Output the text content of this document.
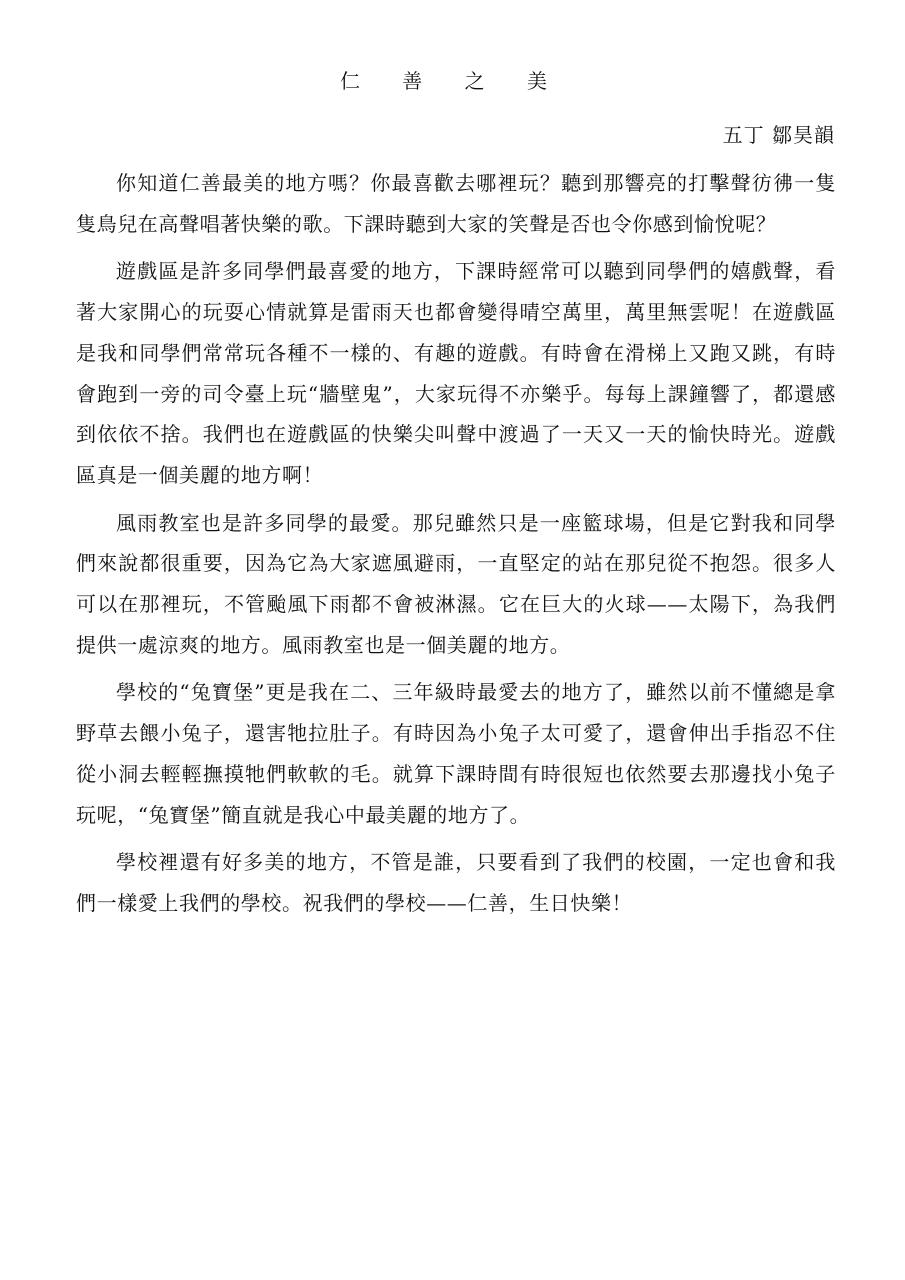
仁 善 之 美
五丁 鄒昊韻

你知道仁善最美的地方嗎？你最喜歡去哪裡玩？聽到那響亮的打擊聲彷彿一隻隻鳥兒在高聲唱著快樂的歌。下課時聽到大家的笑聲是否也令你感到愉悅呢？

遊戲區是許多同學們最喜愛的地方，下課時經常可以聽到同學們的嬉戲聲，看著大家開心的玩耍心情就算是雷雨天也都會變得晴空萬里，萬里無雲呢！在遊戲區是我和同學們常常玩各種不一樣的、有趣的遊戲。有時會在滑梯上又跑又跳，有時會跑到一旁的司令臺上玩“牆壁鬼”，大家玩得不亦樂乎。每每上課鐘響了，都還感到依依不捨。我們也在遊戲區的快樂尖叫聲中渡過了一天又一天的愉快時光。遊戲區真是一個美麗的地方啊！

風雨教室也是許多同學的最愛。那兒雖然只是一座籃球場，但是它對我和同學們來說都很重要，因為它為大家遮風避雨，一直堅定的站在那兒從不抱怨。很多人可以在那裡玩，不管颱風下雨都不會被淋濕。它在巨大的火球——太陽下，為我們提供一處涼爽的地方。風雨教室也是一個美麗的地方。

學校的“兔寶堡”更是我在二、三年級時最愛去的地方了，雖然以前不懂總是拿野草去餵小兔子，還害牠拉肚子。有時因為小兔子太可愛了，還會伸出手指忍不住從小洞去輕輕撫摸牠們軟軟的毛。就算下課時間有時很短也依然要去那邊找小兔子玩呢，“兔寶堡”簡直就是我心中最美麗的地方了。

學校裡還有好多美的地方，不管是誰，只要看到了我們的校園，一定也會和我們一樣愛上我們的學校。祝我們的學校——仁善，生日快樂！
